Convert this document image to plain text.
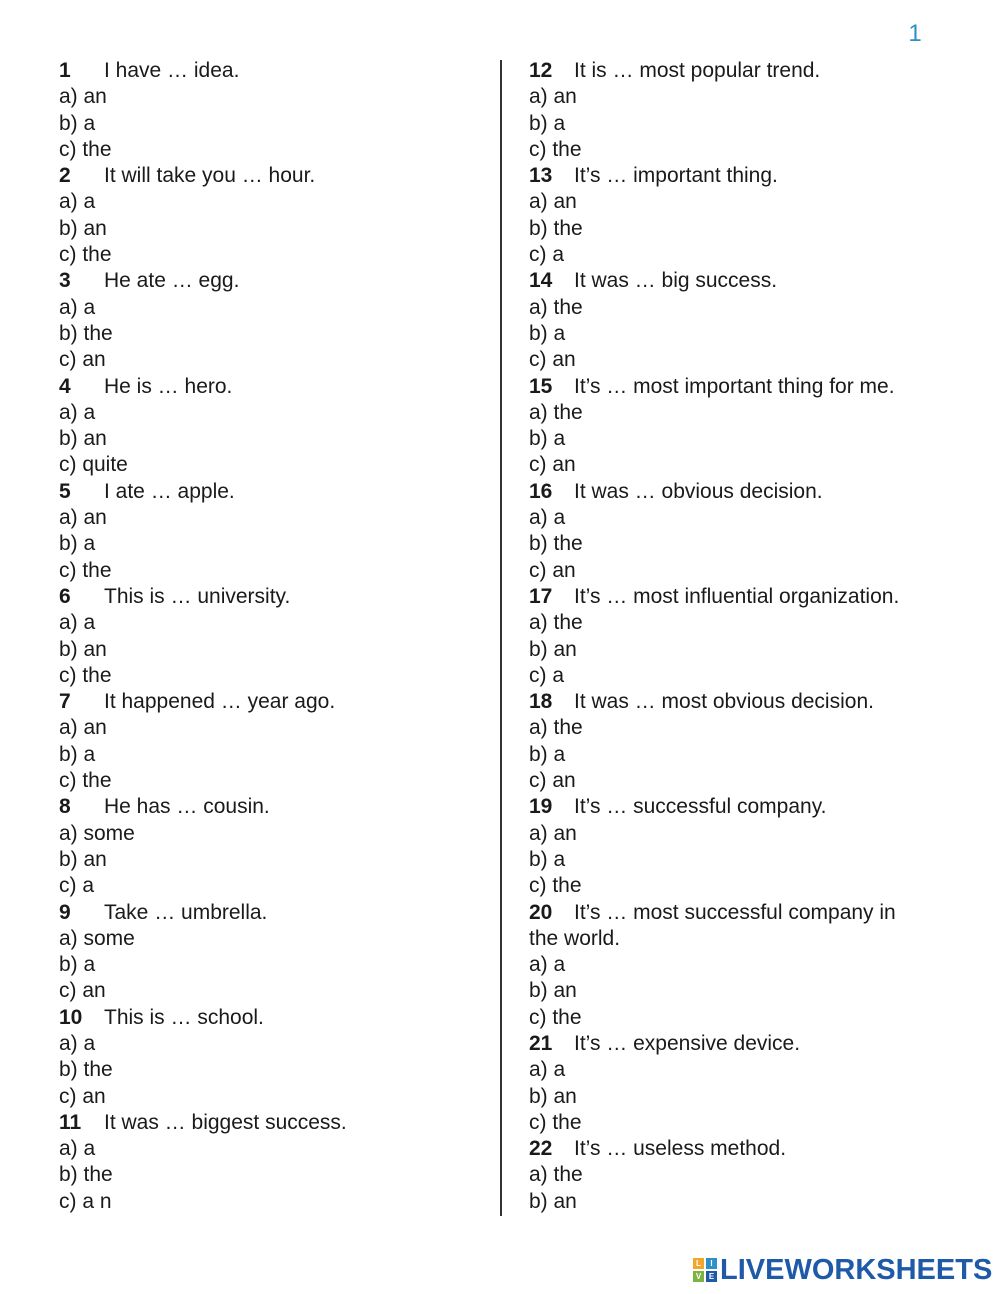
1
1	I have … idea.
a) an
b) a
c) the
2	It will take you … hour.
a) a
b) an
c) the
3	He ate … egg.
a) a
b) the
c) an
4	He is … hero.
a) a
b) an
c) quite
5	I ate … apple.
a) an
b) a
c) the
6	This is … university.
a) a
b) an
c) the
7	It happened … year ago.
a) an
b) a
c) the
8	He has … cousin.
a) some
b) an
c) a
9	Take … umbrella.
a) some
b) a
c) an
10	This is … school.
a) a
b) the
c) an
11	It was … biggest success.
a) a
b) the
c) a n
12	It is … most popular trend.
a) an
b) a
c) the
13	It’s … important thing.
a) an
b) the
c) a
14	It was … big success.
a) the
b) a
c) an
15	It’s … most important thing for me.
a) the
b) a
c) an
16	It was … obvious decision.
a) a
b) the
c) an
17	It’s … most influential organization.
a) the
b) an
c) a
18	It was … most obvious decision.
a) the
b) a
c) an
19	It’s … successful company.
a) an
b) a
c) the
20	It’s … most successful company in
the world.
a) a
b) an
c) the
21	It’s … expensive device.
a) a
b) an
c) the
22	It’s … useless method.
a) the
b) an
L	I
V E LIVEWORKSHEETS
